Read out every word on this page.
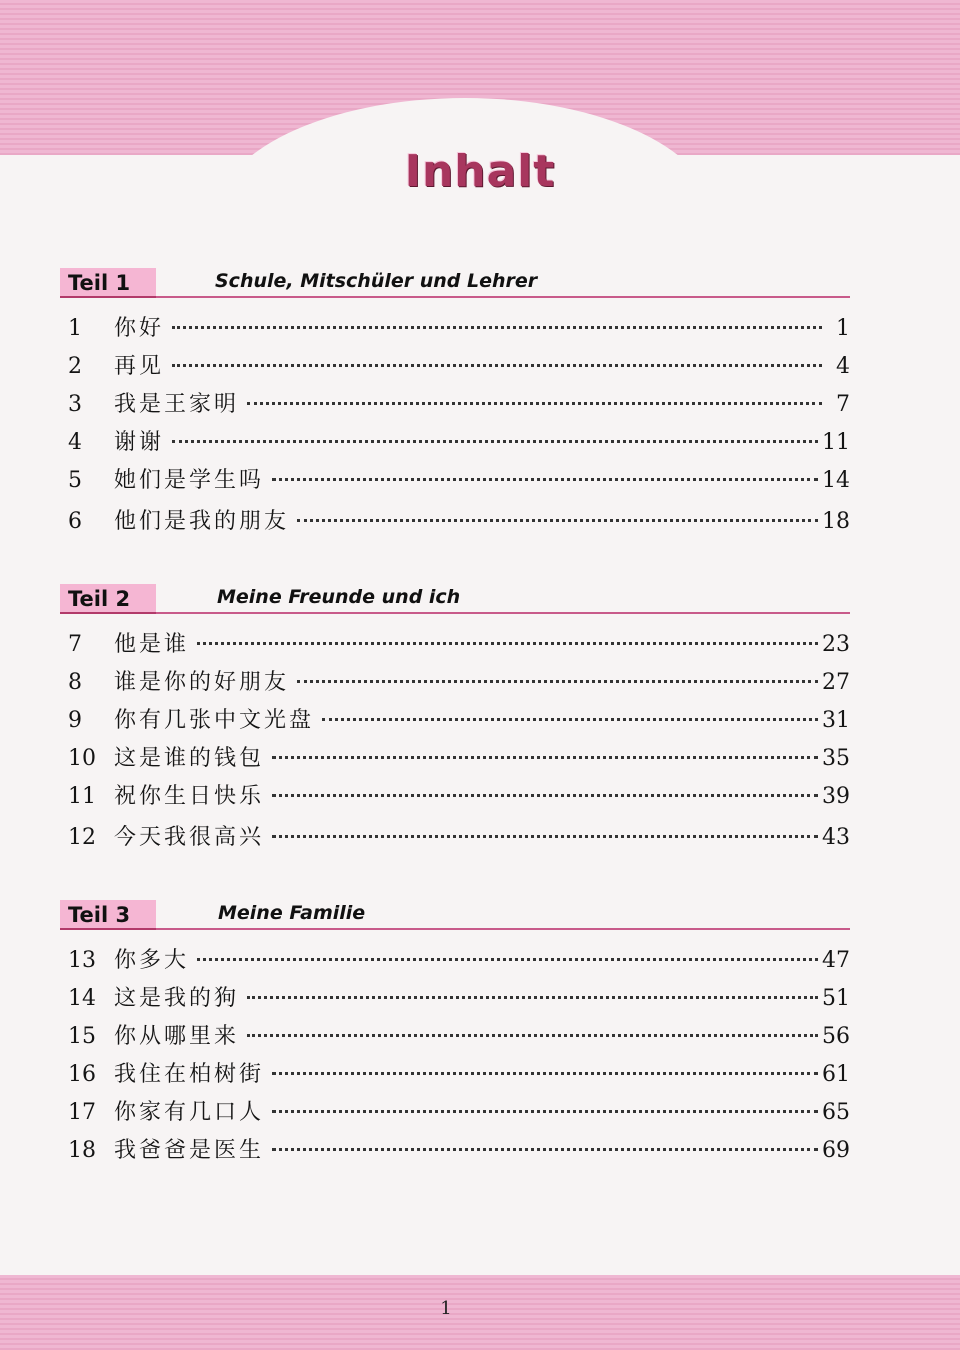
Inhalt
Teil 1	Schule, Mitschüler und Lehrer
1	你好	1
2	再见	4
3	我是王家明	7
4	谢谢	11
5	她们是学生吗	14
6	他们是我的朋友	18
Teil 2	Meine Freunde und ich
7	他是谁	23
8	谁是你的好朋友	27
9	你有几张中文光盘	31
10 这是谁的钱包	35
11 祝你生日快乐	39
12 今天我很高兴	43
Teil 3	Meine Familie
13 你多大	47
14 这是我的狗	51
15 你从哪里来	56
16 我住在柏树街	61
17 你家有几口人	65
18 我爸爸是医生	69
1
